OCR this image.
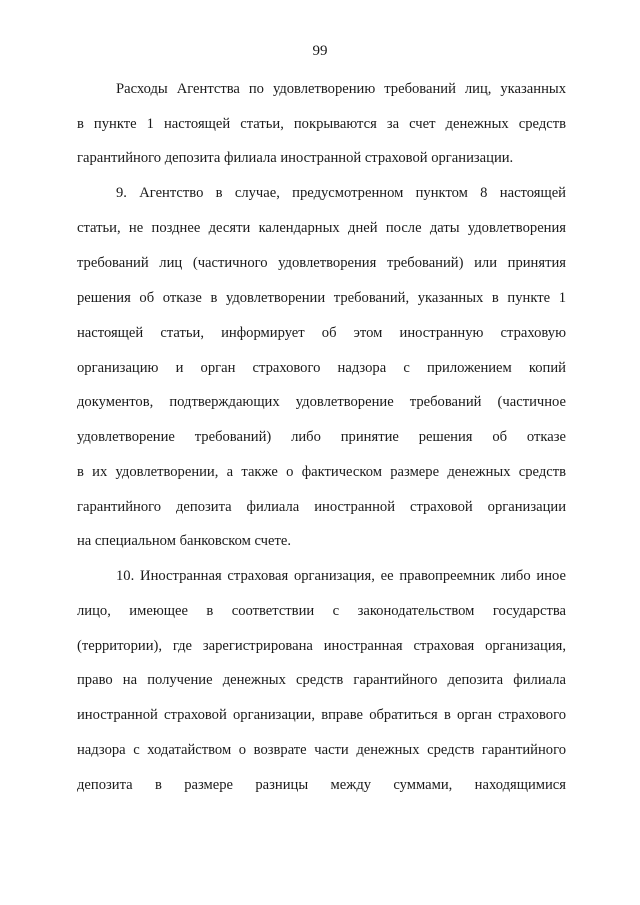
99
Расходы Агентства по удовлетворению требований лиц, указанных
в пункте 1 настоящей статьи, покрываются за счет денежных средств
гарантийного депозита филиала иностранной страховой организации.
9. Агентство в случае, предусмотренном пунктом 8 настоящей
статьи, не позднее десяти календарных дней после даты удовлетворения
требований лиц (частичного удовлетворения требований) или принятия
решения об отказе в удовлетворении требований, указанных в пункте 1
настоящей статьи, информирует об этом иностранную страховую
организацию и орган страхового надзора с приложением копий
документов, подтверждающих удовлетворение требований (частичное
удовлетворение требований) либо принятие решения об отказе
в их удовлетворении, а также о фактическом размере денежных средств
гарантийного депозита филиала иностранной страховой организации
на специальном банковском счете.
10. Иностранная страховая организация, ее правопреемник либо иное
лицо, имеющее в соответствии с законодательством государства
(территории), где зарегистрирована иностранная страховая организация,
право на получение денежных средств гарантийного депозита филиала
иностранной страховой организации, вправе обратиться в орган страхового
надзора с ходатайством о возврате части денежных средств гарантийного
депозита в размере разницы между суммами, находящимися
